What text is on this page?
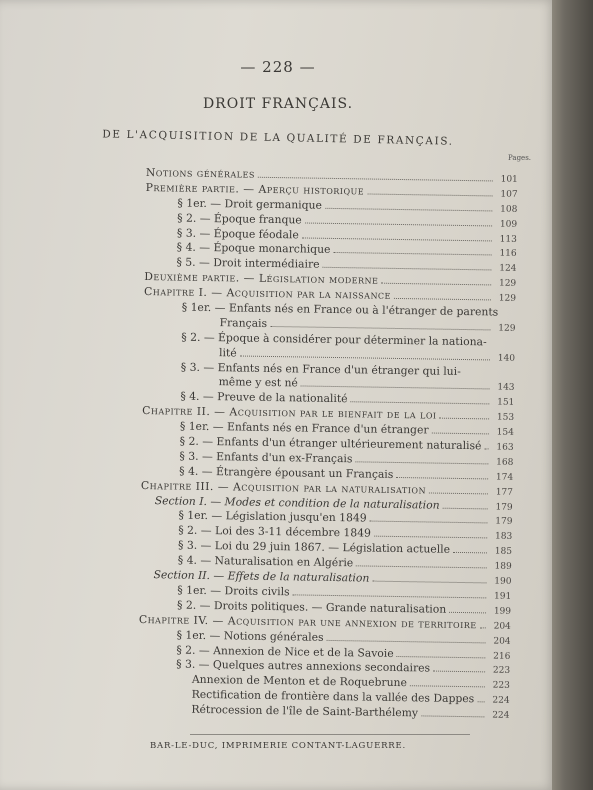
— 228 —
DROIT FRANÇAIS.
DE L'ACQUISITION DE LA QUALITÉ DE FRANÇAIS.
Pages.
Notions générales	101
Première partie. — Aperçu historique	107
§ 1er. — Droit germanique	108
§ 2. — Époque franque	109
§ 3. — Époque féodale	113
§ 4. — Époque monarchique	116
§ 5. — Droit intermédiaire	124
Deuxième partie. — Législation moderne	129
Chapitre I. — Acquisition par la naissance	129
§ 1er. — Enfants nés en France ou à l'étranger de parents
Français	129
§ 2. — Époque à considérer pour déterminer la nationa-
lité	140
§ 3. — Enfants nés en France d'un étranger qui lui-
même y est né	143
§ 4. — Preuve de la nationalité	151
Chapitre II. — Acquisition par le bienfait de la loi	153
§ 1er. — Enfants nés en France d'un étranger	154
§ 2. — Enfants d'un étranger ultérieurement naturalisé	163
§ 3. — Enfants d'un ex-Français	168
§ 4. — Étrangère épousant un Français	174
Chapitre III. — Acquisition par la naturalisation	177
Section I. — Modes et condition de la naturalisation	179
§ 1er. — Législation jusqu'en 1849	179
§ 2. — Loi des 3-11 décembre 1849	183
§ 3. — Loi du 29 juin 1867. — Législation actuelle	185
§ 4. — Naturalisation en Algérie	189
Section II. — Effets de la naturalisation	190
§ 1er. — Droits civils	191
§ 2. — Droits politiques. — Grande naturalisation	199
Chapitre IV. — Acquisition par une annexion de territoire	204
§ 1er. — Notions générales	204
§ 2. — Annexion de Nice et de la Savoie	216
§ 3. — Quelques autres annexions secondaires	223
Annexion de Menton et de Roquebrune	223
Rectification de frontière dans la vallée des Dappes	224
Rétrocession de l'île de Saint-Barthélemy	224
BAR-LE-DUC, IMPRIMERIE CONTANT-LAGUERRE.
